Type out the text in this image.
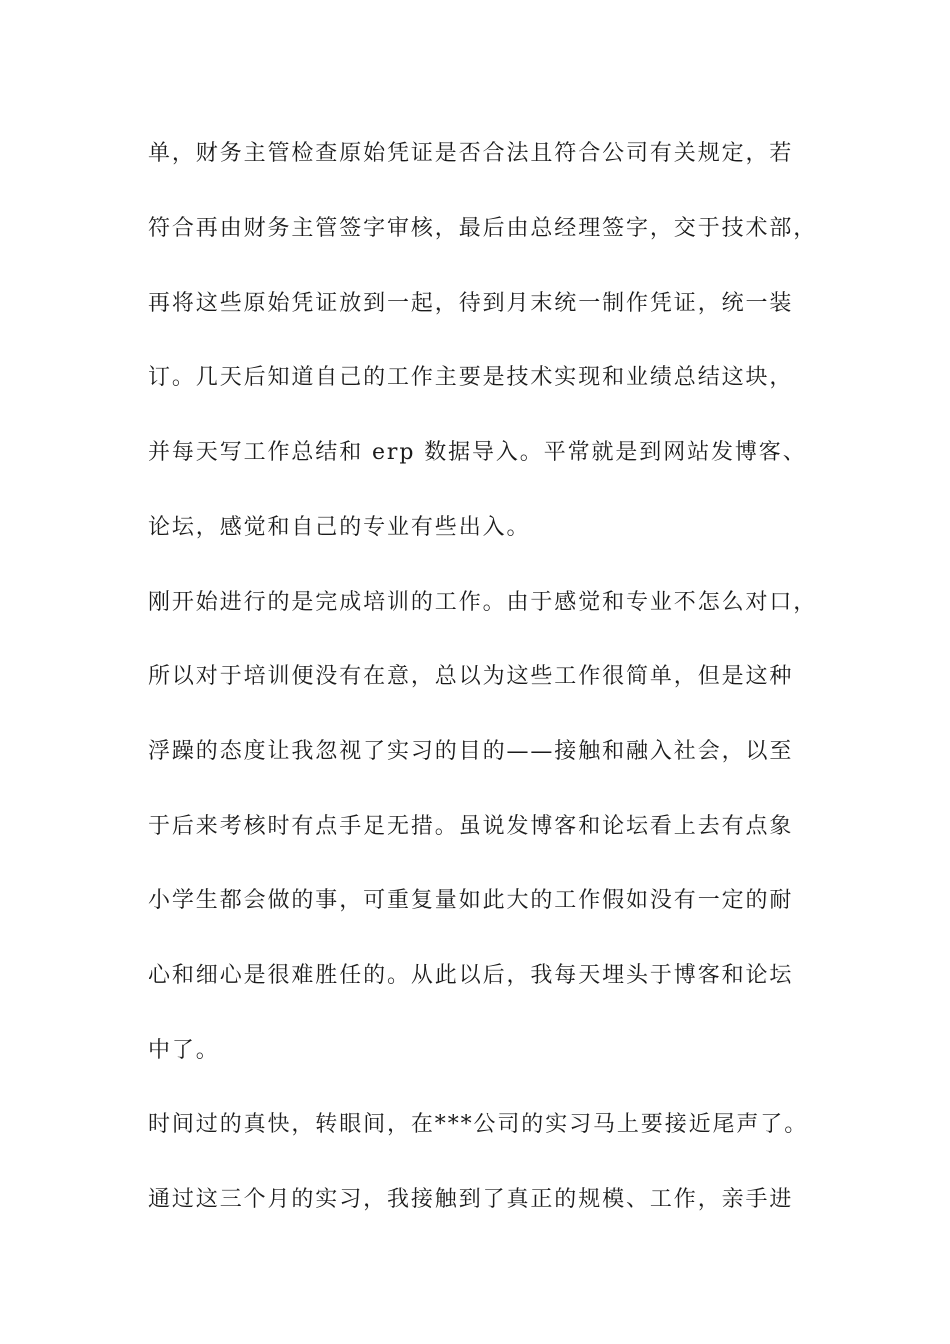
单，财务主管检查原始凭证是否合法且符合公司有关规定，若
符合再由财务主管签字审核，最后由总经理签字，交于技术部，
再将这些原始凭证放到一起，待到月末统一制作凭证，统一装
订。几天后知道自己的工作主要是技术实现和业绩总结这块，
并每天写工作总结和 erp 数据导入。平常就是到网站发博客、
论坛，感觉和自己的专业有些出入。
刚开始进行的是完成培训的工作。由于感觉和专业不怎么对口，
所以对于培训便没有在意，总以为这些工作很简单，但是这种
浮躁的态度让我忽视了实习的目的——接触和融入社会，以至
于后来考核时有点手足无措。虽说发博客和论坛看上去有点象
小学生都会做的事，可重复量如此大的工作假如没有一定的耐
心和细心是很难胜任的。从此以后，我每天埋头于博客和论坛
中了。
时间过的真快，转眼间，在***公司的实习马上要接近尾声了。
通过这三个月的实习，我接触到了真正的规模、工作，亲手进
